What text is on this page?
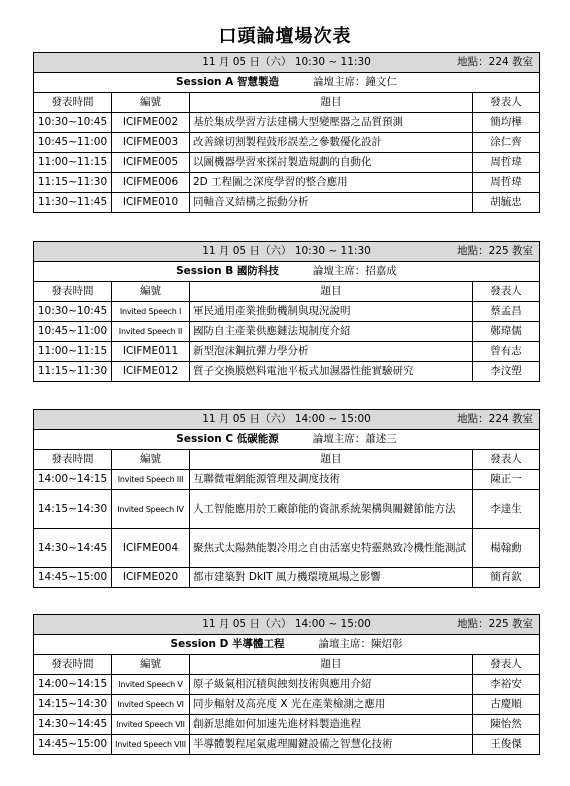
口頭論壇場次表
11 月 05 日（六） 10:30 ~ 11:30 地點：224 教室			

Session A 智慧製造 論壇主席：鐘文仁			
發表時間	編號	題目	發表人
10:30~10:45	ICIFME002	基於集成學習方法建構大型變壓器之品質預測	簡均樺
10:45~11:00	ICIFME003	改善線切割製程鼓形誤差之參數優化設計	涂仁齊
11:00~11:15	ICIFME005	以圖機器學習來探討製造規劃的自動化	周哲瑋
11:15~11:30	ICIFME006	2D 工程圖之深度學習的整合應用	周哲瑋
11:30~11:45	ICIFME010	同軸音叉結構之振動分析	胡毓忠
11 月 05 日（六） 10:30 ~ 11:30 地點：225 教室			

Session B 國防科技 論壇主席：招嘉成			
發表時間	編號	題目	發表人
10:30~10:45	Invited Speech I	軍民通用產業推動機制與現況說明	蔡孟昌
10:45~11:00	Invited Speech II	國防自主產業供應鏈法規制度介紹	鄭瑋儒
11:00~11:15	ICIFME011	新型泡沫鋼抗彈力學分析	曾有志
11:15~11:30	ICIFME012	質子交換膜燃料電池平板式加濕器性能實驗研究	李汶塑
11 月 05 日（六） 14:00 ~ 15:00 地點：224 教室			

Session C 低碳能源 論壇主席：蕭述三			
發表時間	編號	題目	發表人
14:00~14:15	Invited Speech III	互聯微電網能源管理及調度技術	陳正一
14:15~14:30	Invited Speech IV	人工智能應用於工廠節能的資訊系統架構與關鍵節能方法	李達生
14:30~14:45	ICIFME004	聚焦式太陽熱能製冷用之自由活塞史特靈熱致冷機性能測試	楊翰勳
14:45~15:00	ICIFME020	都市建築對 DkIT 風力機環境風場之影響	簡育欽
11 月 05 日（六） 14:00 ~ 15:00 地點：225 教室			

Session D 半導體工程 論壇主席：陳炤彰			
發表時間	編號	題目	發表人
14:00~14:15	Invited Speech V	原子級氣相沉積與蝕刻技術與應用介紹	李裕安
14:15~14:30	Invited Speech VI	同步輻射及高亮度 X 光在產業檢測之應用	古慶順
14:30~14:45	Invited Speech VII	創新思維如何加速先進材料製造進程	陳怡然
14:45~15:00	Invited Speech VIII	半導體製程尾氣處理關鍵設備之智慧化技術	王俊傑
